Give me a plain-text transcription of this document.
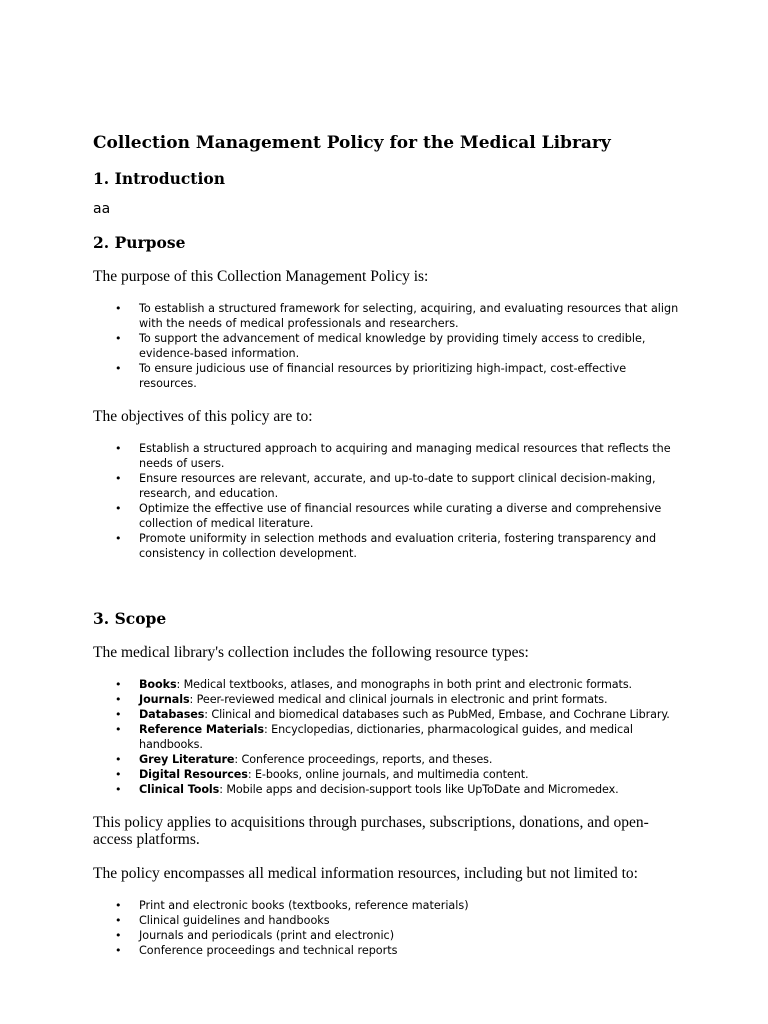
Collection Management Policy for the Medical Library
1. Introduction

aa

2. Purpose

The purpose of this Collection Management Policy is:

• To establish a structured framework for selecting, acquiring, and evaluating resources that align with the needs of medical professionals and researchers.
• To support the advancement of medical knowledge by providing timely access to credible, evidence-based information.
• To ensure judicious use of financial resources by prioritizing high-impact, cost-effective resources.

The objectives of this policy are to:

• Establish a structured approach to acquiring and managing medical resources that reflects the needs of users.
• Ensure resources are relevant, accurate, and up-to-date to support clinical decision-making, research, and education.
• Optimize the effective use of financial resources while curating a diverse and comprehensive collection of medical literature.
• Promote uniformity in selection methods and evaluation criteria, fostering transparency and consistency in collection development.
3. Scope

The medical library's collection includes the following resource types:

• Books: Medical textbooks, atlases, and monographs in both print and electronic formats.
• Journals: Peer-reviewed medical and clinical journals in electronic and print formats.
• Databases: Clinical and biomedical databases such as PubMed, Embase, and Cochrane Library.
• Reference Materials: Encyclopedias, dictionaries, pharmacological guides, and medical handbooks.
• Grey Literature: Conference proceedings, reports, and theses.
• Digital Resources: E-books, online journals, and multimedia content.
• Clinical Tools: Mobile apps and decision-support tools like UpToDate and Micromedex.

This policy applies to acquisitions through purchases, subscriptions, donations, and open-access platforms.

The policy encompasses all medical information resources, including but not limited to:

• Print and electronic books (textbooks, reference materials)
• Clinical guidelines and handbooks
• Journals and periodicals (print and electronic)
• Conference proceedings and technical reports
